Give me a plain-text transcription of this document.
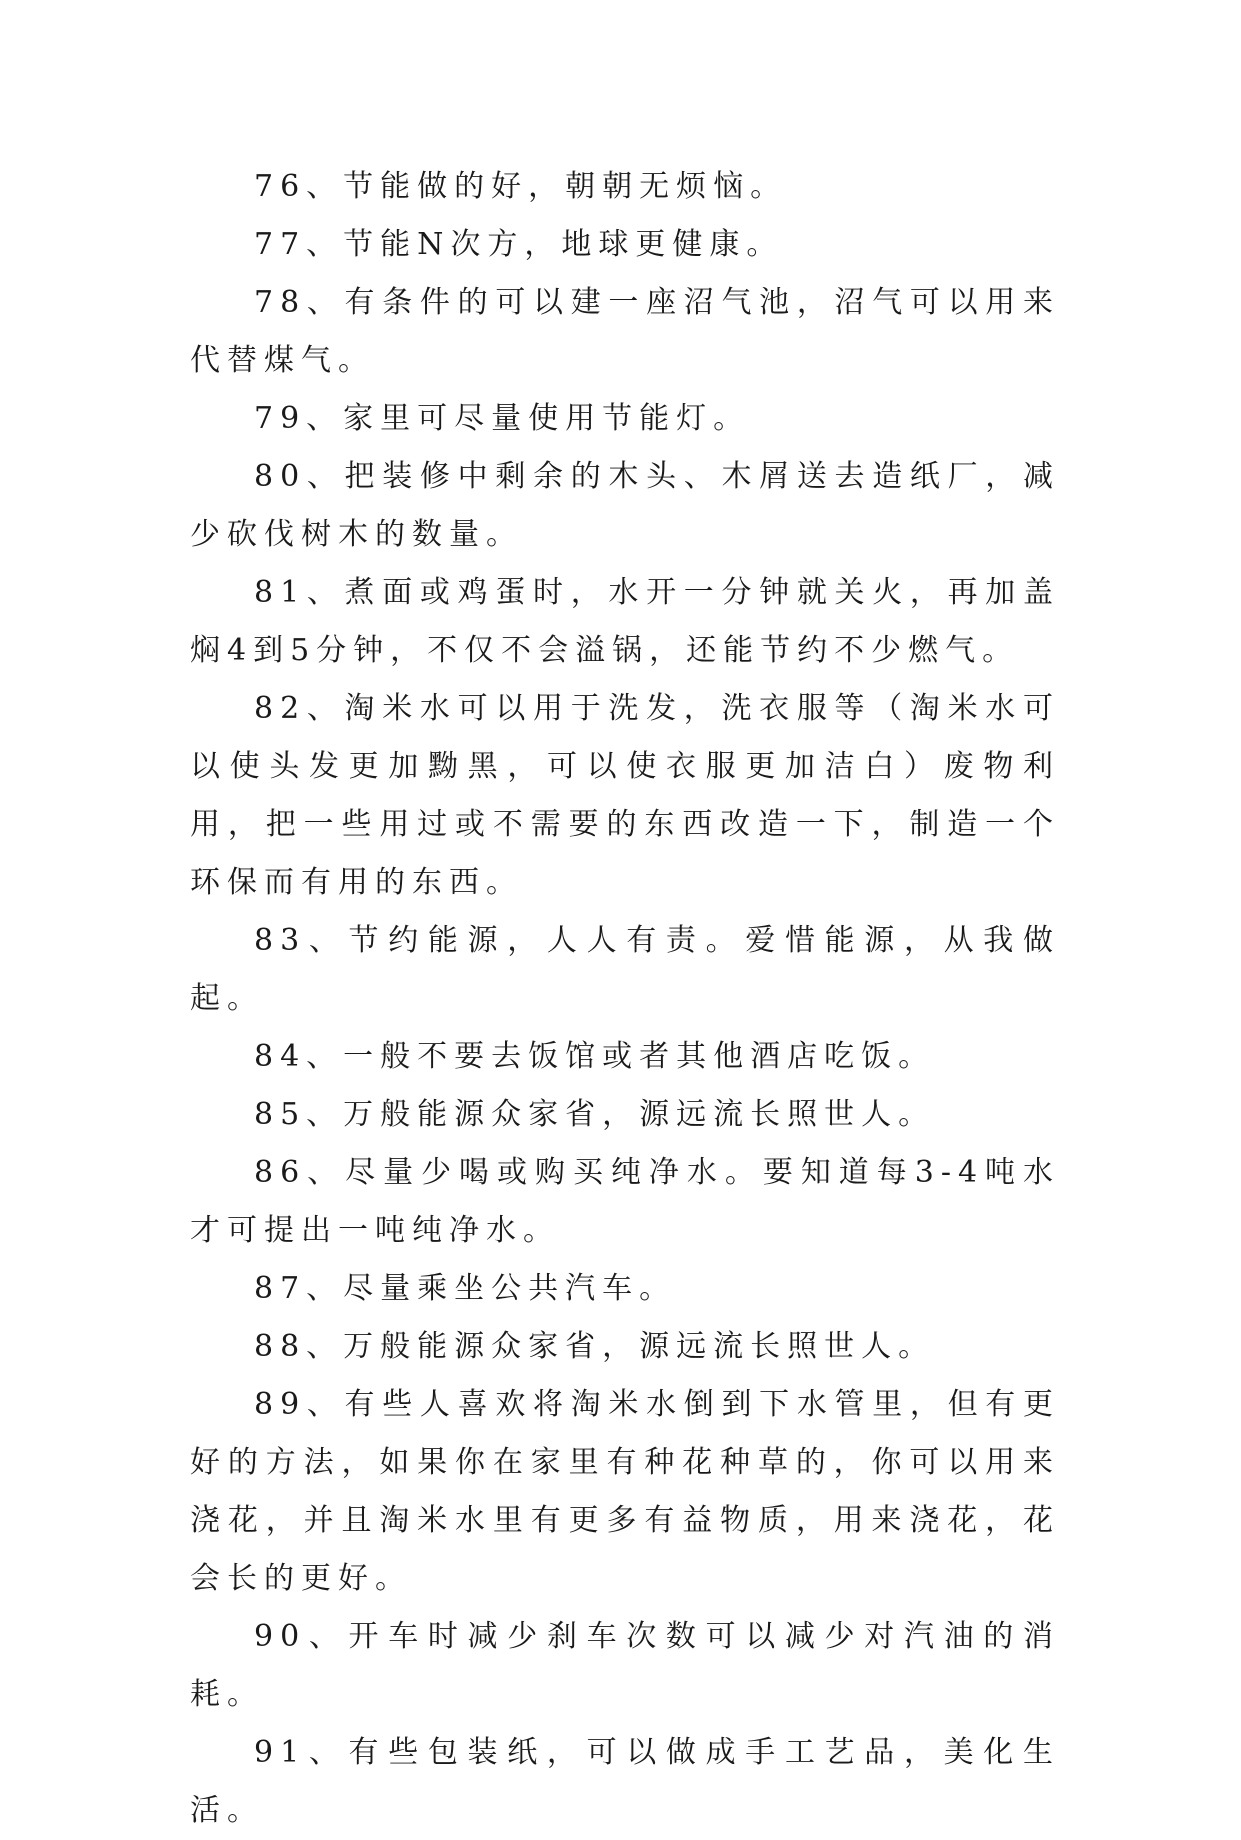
76、节能做的好，朝朝无烦恼。

77、节能N次方，地球更健康。

78、有条件的可以建一座沼气池，沼气可以用来代替煤气。

79、家里可尽量使用节能灯。

80、把装修中剩余的木头、木屑送去造纸厂，减少砍伐树木的数量。

81、煮面或鸡蛋时，水开一分钟就关火，再加盖焖4到5分钟，不仅不会溢锅，还能节约不少燃气。

82、淘米水可以用于洗发，洗衣服等（淘米水可以使头发更加黝黑，可以使衣服更加洁白）废物利用，把一些用过或不需要的东西改造一下，制造一个环保而有用的东西。

83、节约能源，人人有责。爱惜能源，从我做起。

84、一般不要去饭馆或者其他酒店吃饭。

85、万般能源众家省，源远流长照世人。

86、尽量少喝或购买纯净水。要知道每3-4吨水才可提出一吨纯净水。

87、尽量乘坐公共汽车。

88、万般能源众家省，源远流长照世人。

89、有些人喜欢将淘米水倒到下水管里，但有更好的方法，如果你在家里有种花种草的，你可以用来浇花，并且淘米水里有更多有益物质，用来浇花，花会长的更好。

90、开车时减少刹车次数可以减少对汽油的消耗。

91、有些包装纸，可以做成手工艺品，美化生活。
